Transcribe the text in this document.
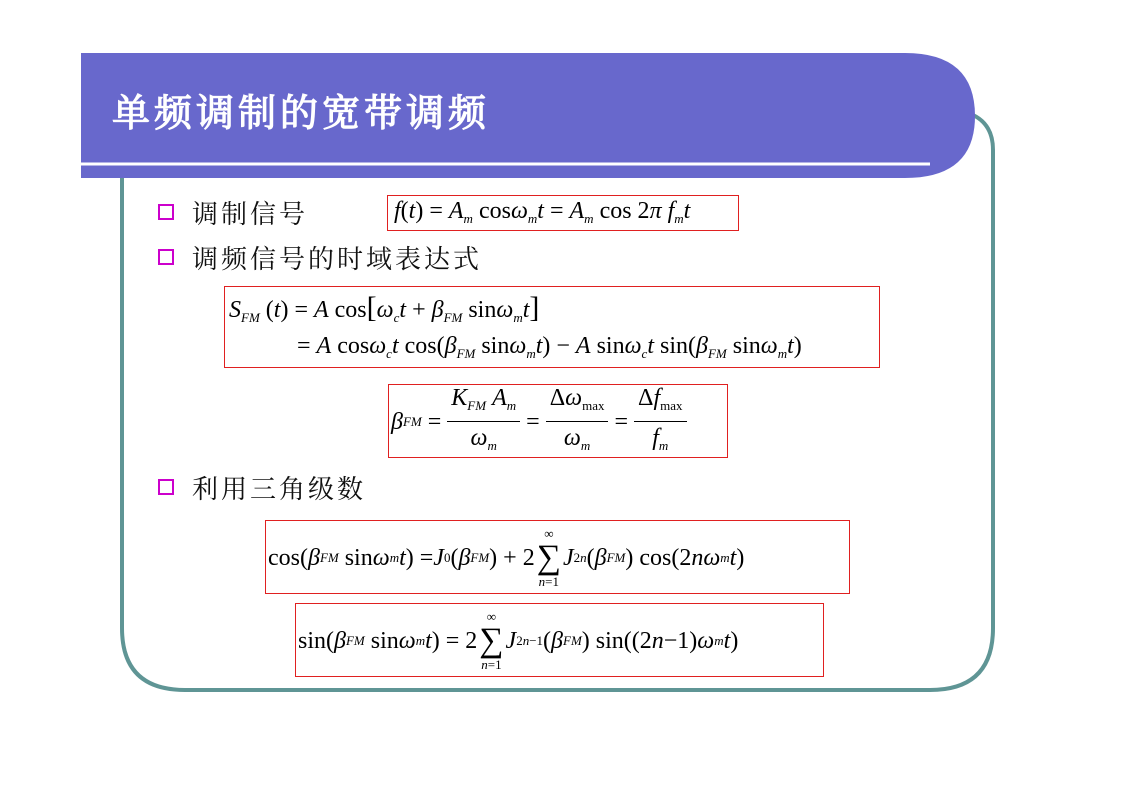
单频调制的宽带调频
调制信号	$f(t) = A_m$ $\cos\omega_mt = A_m$ cos 2π $f_mt$
调频信号的时域表达式
$S_{FM}$ (t) = A $\cos[\omega_ct + \beta_{FM}$ sinω$_m$t]
= A cosω$_c$t $\cos(\beta_{FM}$ sinω$_m$t) − A sinω$_c$t $\sin(\beta_{FM}$ sinω$_m$t)
β FM = $\frac{K_{FM} A_m}{\omega_m} = \frac{\Delta\omega_{max}}{\omega_m} = \frac{\Delta f_{max}}{f_m}$
利用三角级数
cos( β FM sin ω m t ) = J 0 ( β FM ) + 2
∞
∑
n=1
J 2n ( β FM ) cos(2 nω m t )
sin( β FM sin ω m t ) = 2
∞
∑
n=1
J 2n−1 ( β FM ) sin((2 n −1) ω m t )
